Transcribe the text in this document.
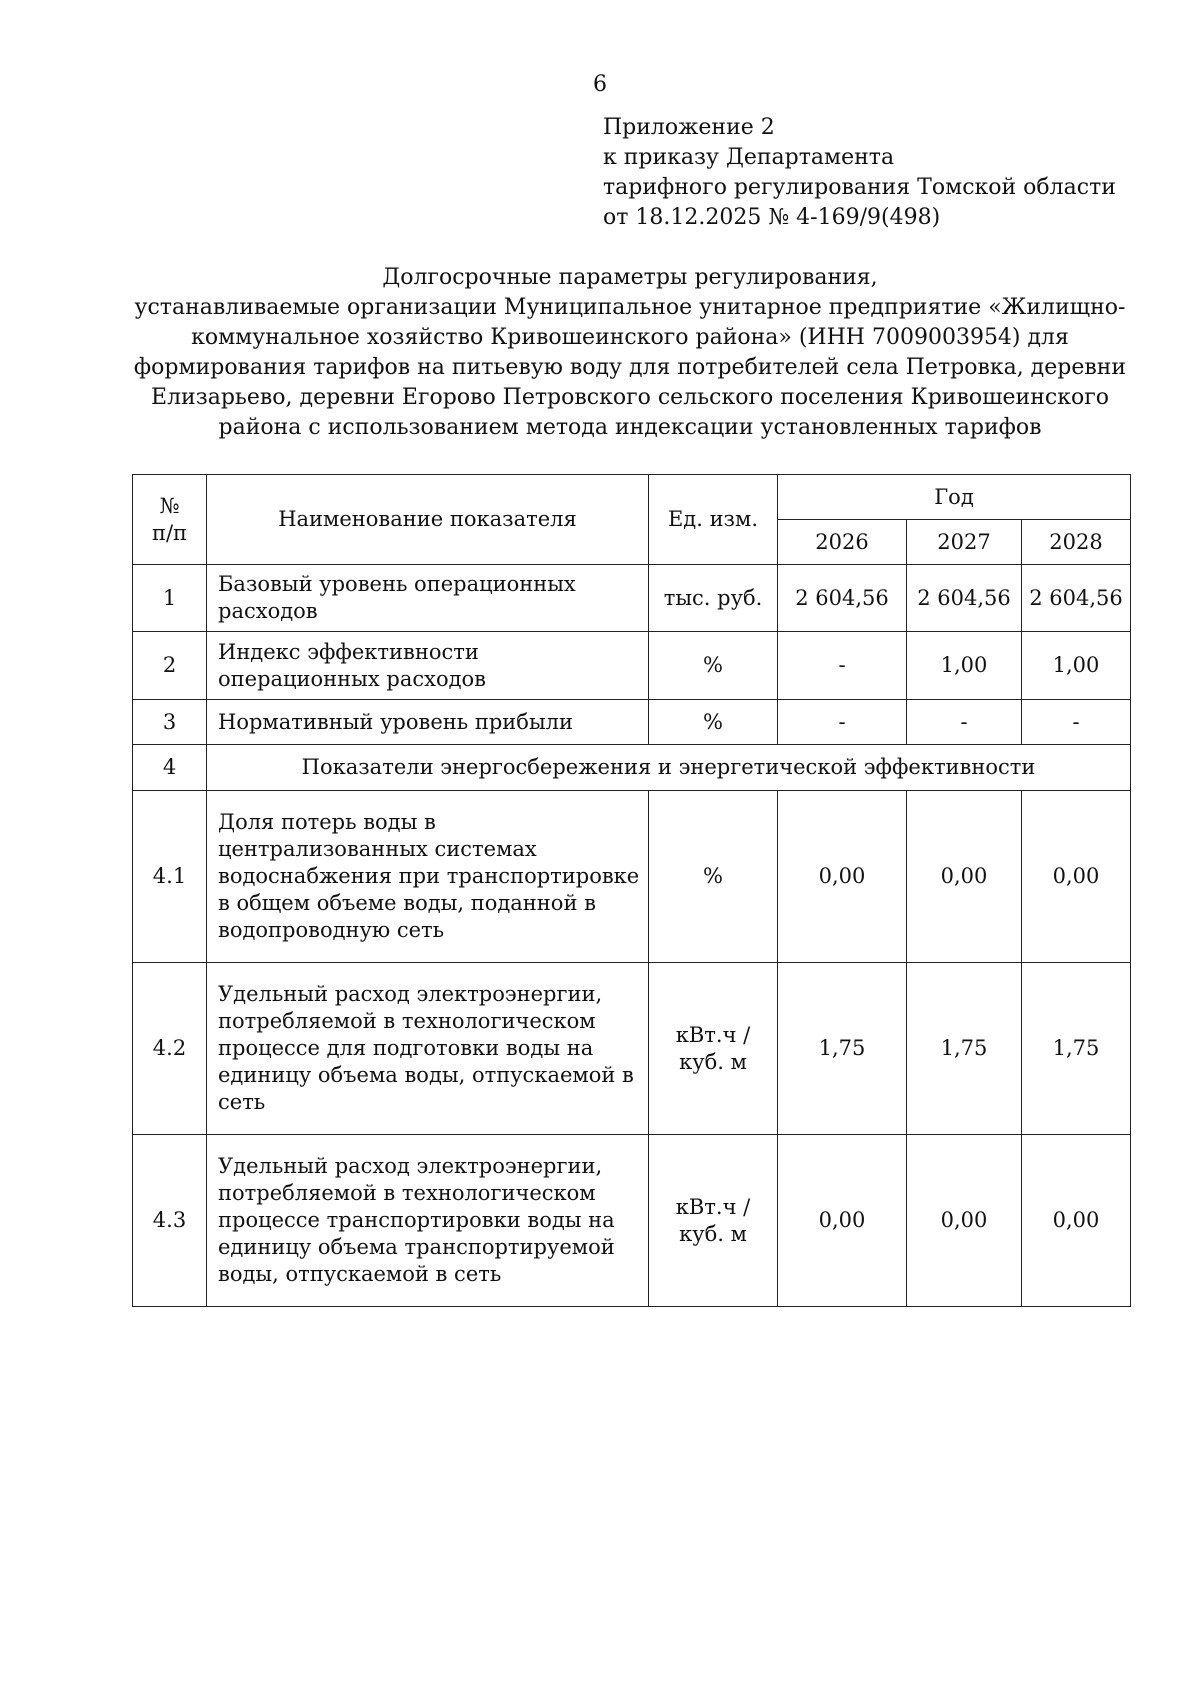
6
Приложение 2
к приказу Департамента
тарифного регулирования Томской области
от 18.12.2025 № 4-169/9(498)
Долгосрочные параметры регулирования,
устанавливаемые организации Муниципальное унитарное предприятие «Жилищно-
коммунальное хозяйство Кривошеинского района» (ИНН 7009003954) для
формирования тарифов на питьевую воду для потребителей села Петровка, деревни
Елизарьево, деревни Егорово Петровского сельского поселения Кривошеинского
района с использованием метода индексации установленных тарифов
№
п/п	Наименование показателя	Ед. изм.	Год		
			2026	2027	2028
1	Базовый уровень операционных расходов	тыс. руб.	2 604,56	2 604,56	2 604,56
2	Индекс эффективности операционных расходов	%	-	1,00	1,00
3	Нормативный уровень прибыли	%	-	-	-
4	Показатели энергосбережения и энергетической эффективности				
4.1	Доля потерь воды в централизованных системах водоснабжения при транспортировке в общем объеме воды, поданной в водопроводную сеть	%	0,00	0,00	0,00
4.2	Удельный расход электроэнергии, потребляемой в технологическом процессе для подготовки воды на единицу объема воды, отпускаемой в сеть	кВт.ч / куб. м	1,75	1,75	1,75
4.3	Удельный расход электроэнергии, потребляемой в технологическом процессе транспортировки воды на единицу объема транспортируемой воды, отпускаемой в сеть	кВт.ч / куб. м	0,00	0,00	0,00
